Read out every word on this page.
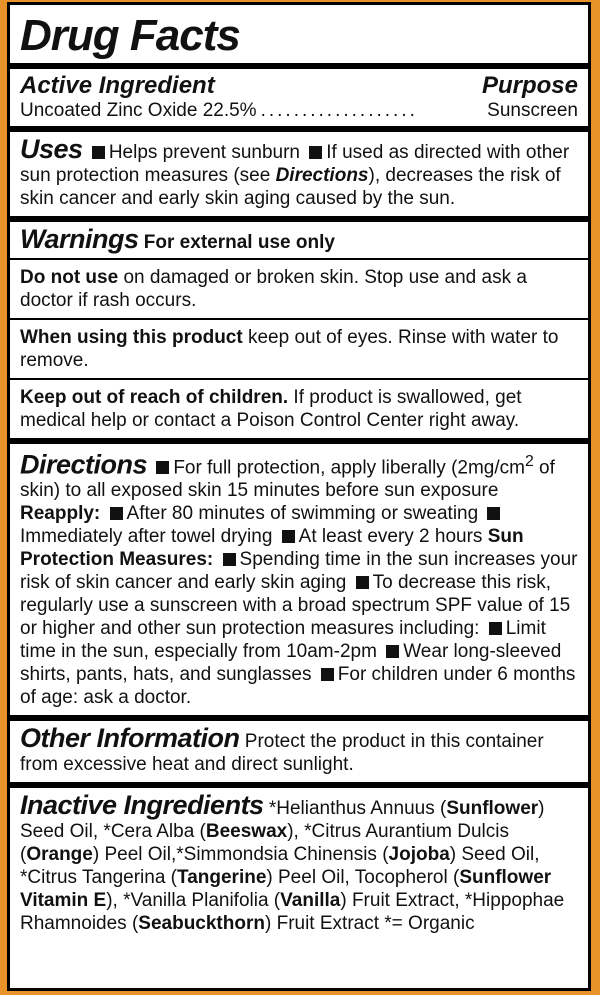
Drug Facts
Active Ingredient	Purpose
Uncoated Zinc Oxide 22.5% ...................	Sunscreen
Uses Helps prevent sunburn If used as directed with other sun protection measures (see Directions), decreases the risk of skin cancer and early skin aging caused by the sun.
Warnings For external use only
Do not use on damaged or broken skin. Stop use and ask a doctor if rash occurs.
When using this product keep out of eyes. Rinse with water to remove.
Keep out of reach of children. If product is swallowed, get medical help or contact a Poison Control Center right away.
Directions For full protection, apply liberally ($2mg/cm^2$ of skin) to all exposed skin 15 minutes before sun exposure Reapply: After 80 minutes of swimming or sweating Immediately after towel drying At least every 2 hours Sun Protection Measures: Spending time in the sun increases your risk of skin cancer and early skin aging To decrease this risk, regularly use a sunscreen with a broad spectrum SPF value of 15 or higher and other sun protection measures including: Limit time in the sun, especially from 10am-2pm Wear long-sleeved shirts, pants, hats, and sunglasses For children under 6 months of age: ask a doctor.
Other Information Protect the product in this container from excessive heat and direct sunlight.
Inactive Ingredients *Helianthus Annuus (Sunflower) Seed Oil, *Cera Alba (Beeswax), *Citrus Aurantium Dulcis (Orange) Peel Oil,*Simmondsia Chinensis (Jojoba) Seed Oil, *Citrus Tangerina (Tangerine) Peel Oil, Tocopherol (Sunflower Vitamin E), *Vanilla Planifolia (Vanilla) Fruit Extract, *Hippophae Rhamnoides (Seabuckthorn) Fruit Extract *= Organic
